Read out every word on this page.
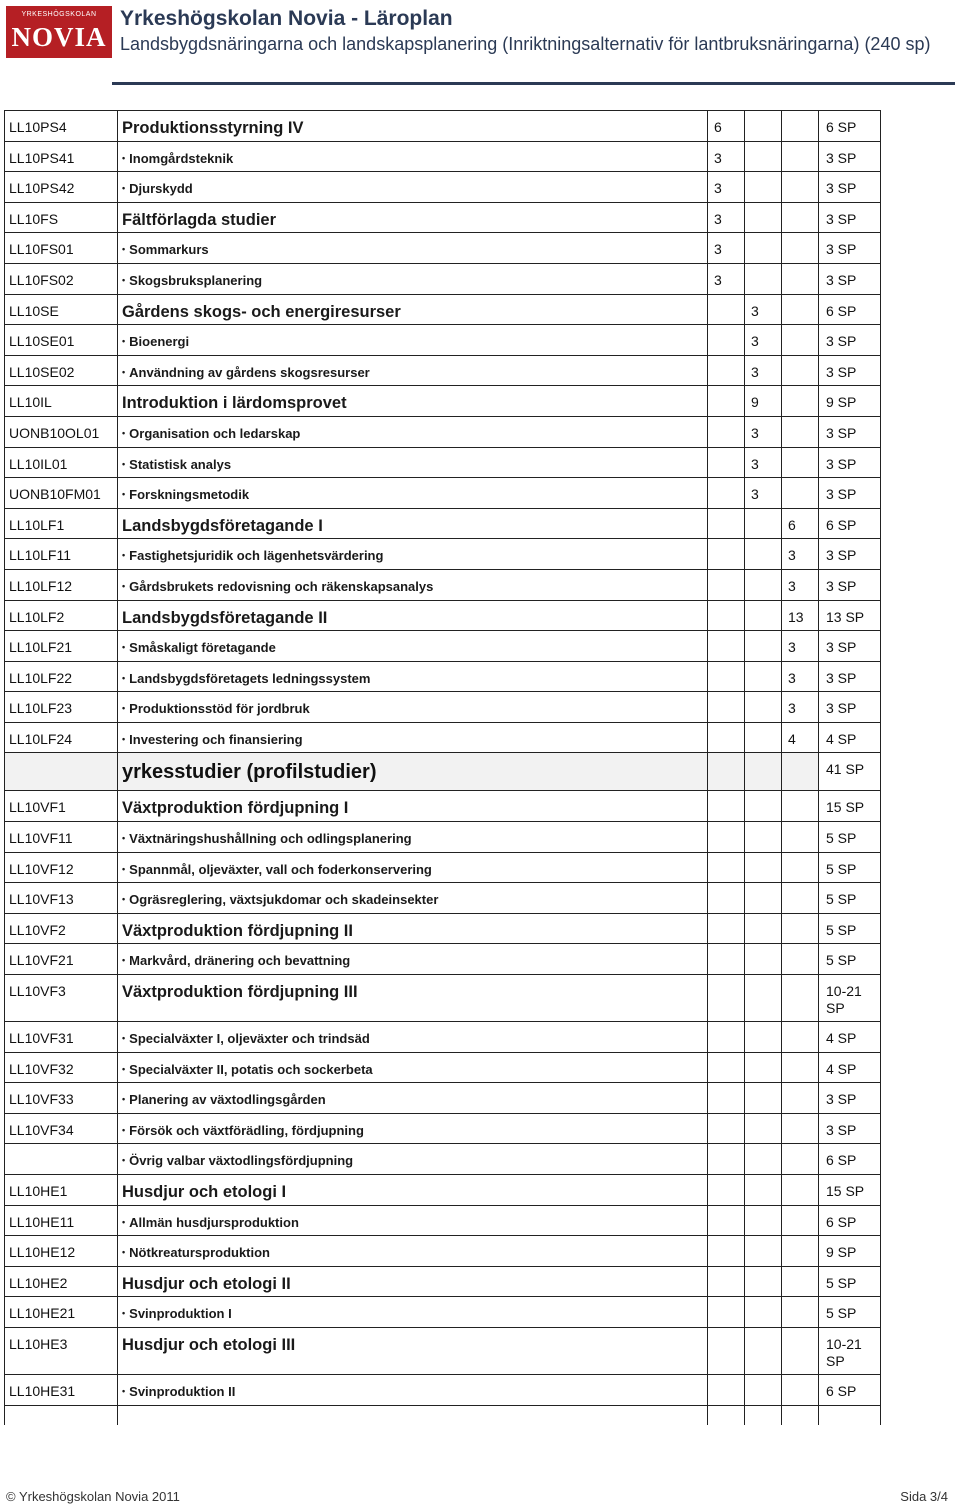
YRKESHÖGSKOLAN
NOVIA
Yrkeshögskolan Novia - Läroplan
Landsbygdsnäringarna och landskapsplanering (Inriktningsalternativ för lantbruksnäringarna) (240 sp)
LL10PS4	Produktionsstyrning IV	6			6 SP
LL10PS41	• Inomgårdsteknik	3			3 SP
LL10PS42	• Djurskydd	3			3 SP
LL10FS	Fältförlagda studier	3			3 SP
LL10FS01	• Sommarkurs	3			3 SP
LL10FS02	• Skogsbruksplanering	3			3 SP
LL10SE	Gårdens skogs- och energiresurser		3		6 SP
LL10SE01	• Bioenergi		3		3 SP
LL10SE02	• Användning av gårdens skogsresurser		3		3 SP
LL10IL	Introduktion i lärdomsprovet		9		9 SP
UONB10OL01	• Organisation och ledarskap		3		3 SP
LL10IL01	• Statistisk analys		3		3 SP
UONB10FM01	• Forskningsmetodik		3		3 SP
LL10LF1	Landsbygdsföretagande I			6	6 SP
LL10LF11	• Fastighetsjuridik och lägenhetsvärdering			3	3 SP
LL10LF12	• Gårdsbrukets redovisning och räkenskapsanalys			3	3 SP
LL10LF2	Landsbygdsföretagande II			13	13 SP
LL10LF21	• Småskaligt företagande			3	3 SP
LL10LF22	• Landsbygdsföretagets ledningssystem			3	3 SP
LL10LF23	• Produktionsstöd för jordbruk			3	3 SP
LL10LF24	• Investering och finansiering			4	4 SP
	yrkesstudier (profilstudier)				41 SP
LL10VF1	Växtproduktion fördjupning I				15 SP
LL10VF11	• Växtnäringshushållning och odlingsplanering				5 SP
LL10VF12	• Spannmål, oljeväxter, vall och foderkonservering				5 SP
LL10VF13	• Ogräsreglering, växtsjukdomar och skadeinsekter				5 SP
LL10VF2	Växtproduktion fördjupning II				5 SP
LL10VF21	• Markvård, dränering och bevattning				5 SP
LL10VF3	Växtproduktion fördjupning III				10-21 SP
LL10VF31	• Specialväxter I, oljeväxter och trindsäd				4 SP
LL10VF32	• Specialväxter II, potatis och sockerbeta				4 SP
LL10VF33	• Planering av växtodlingsgården				3 SP
LL10VF34	• Försök och växtförädling, fördjupning				3 SP
	• Övrig valbar växtodlingsfördjupning				6 SP
LL10HE1	Husdjur och etologi I				15 SP
LL10HE11	• Allmän husdjursproduktion				6 SP
LL10HE12	• Nötkreatursproduktion				9 SP
LL10HE2	Husdjur och etologi II				5 SP
LL10HE21	• Svinproduktion I				5 SP
LL10HE3	Husdjur och etologi III				10-21 SP
LL10HE31	• Svinproduktion II				6 SP

© Yrkeshögskolan Novia 2011	Sida 3/4
